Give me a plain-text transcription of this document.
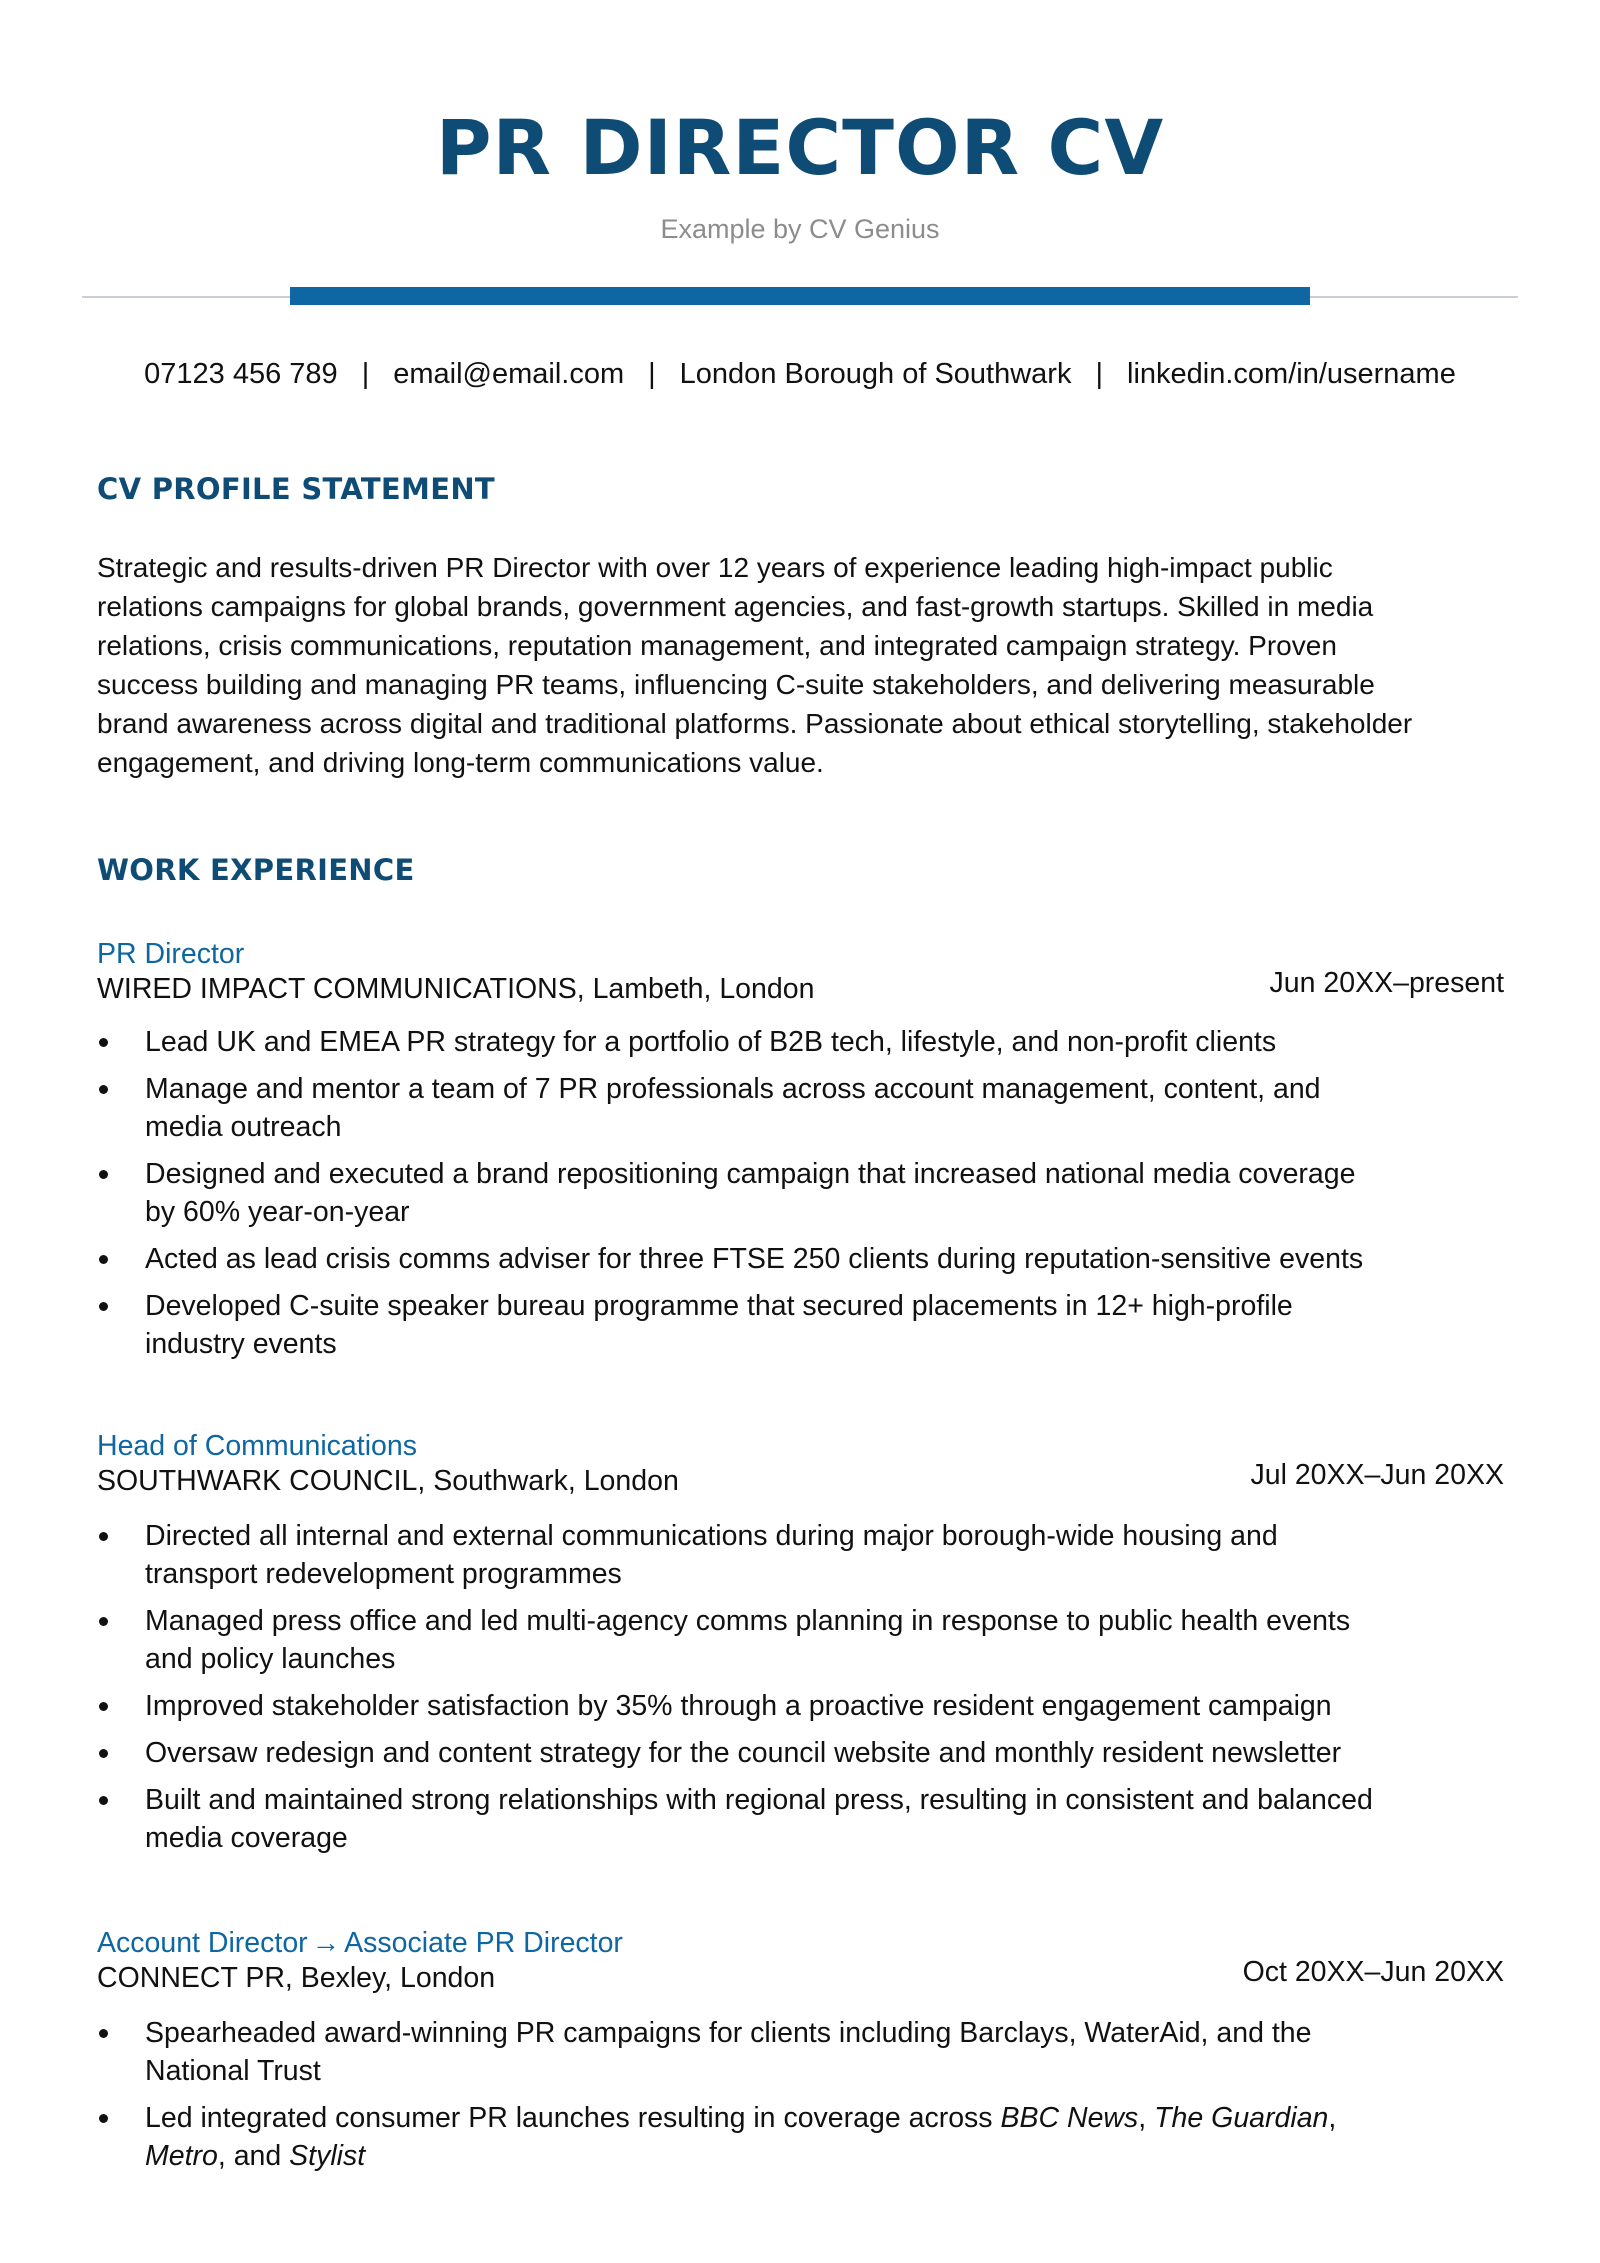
PR DIRECTOR CV
Example by CV Genius
07123 456 789 | email@email.com | London Borough of Southwark | linkedin.com/in/username
CV PROFILE STATEMENT
Strategic and results-driven PR Director with over 12 years of experience leading high-impact public
relations campaigns for global brands, government agencies, and fast-growth startups. Skilled in media
relations, crisis communications, reputation management, and integrated campaign strategy. Proven
success building and managing PR teams, influencing C-suite stakeholders, and delivering measurable
brand awareness across digital and traditional platforms. Passionate about ethical storytelling, stakeholder
engagement, and driving long-term communications value.
WORK EXPERIENCE
PR Director
WIRED IMPACT COMMUNICATIONS, Lambeth, London	Jun 20XX–present
Lead UK and EMEA PR strategy for a portfolio of B2B tech, lifestyle, and non-profit clients
Manage and mentor a team of 7 PR professionals across account management, content, and
media outreach
Designed and executed a brand repositioning campaign that increased national media coverage
by 60% year-on-year
Acted as lead crisis comms adviser for three FTSE 250 clients during reputation-sensitive events
Developed C-suite speaker bureau programme that secured placements in 12+ high-profile
industry events
Head of Communications
SOUTHWARK COUNCIL, Southwark, London	Jul 20XX–Jun 20XX
Directed all internal and external communications during major borough-wide housing and
transport redevelopment programmes
Managed press office and led multi-agency comms planning in response to public health events
and policy launches
Improved stakeholder satisfaction by 35% through a proactive resident engagement campaign
Oversaw redesign and content strategy for the council website and monthly resident newsletter
Built and maintained strong relationships with regional press, resulting in consistent and balanced
media coverage
Account Director → Associate PR Director
CONNECT PR, Bexley, London	Oct 20XX–Jun 20XX
Spearheaded award-winning PR campaigns for clients including Barclays, WaterAid, and the
National Trust
Led integrated consumer PR launches resulting in coverage across BBC News, The Guardian,
Metro, and Stylist
